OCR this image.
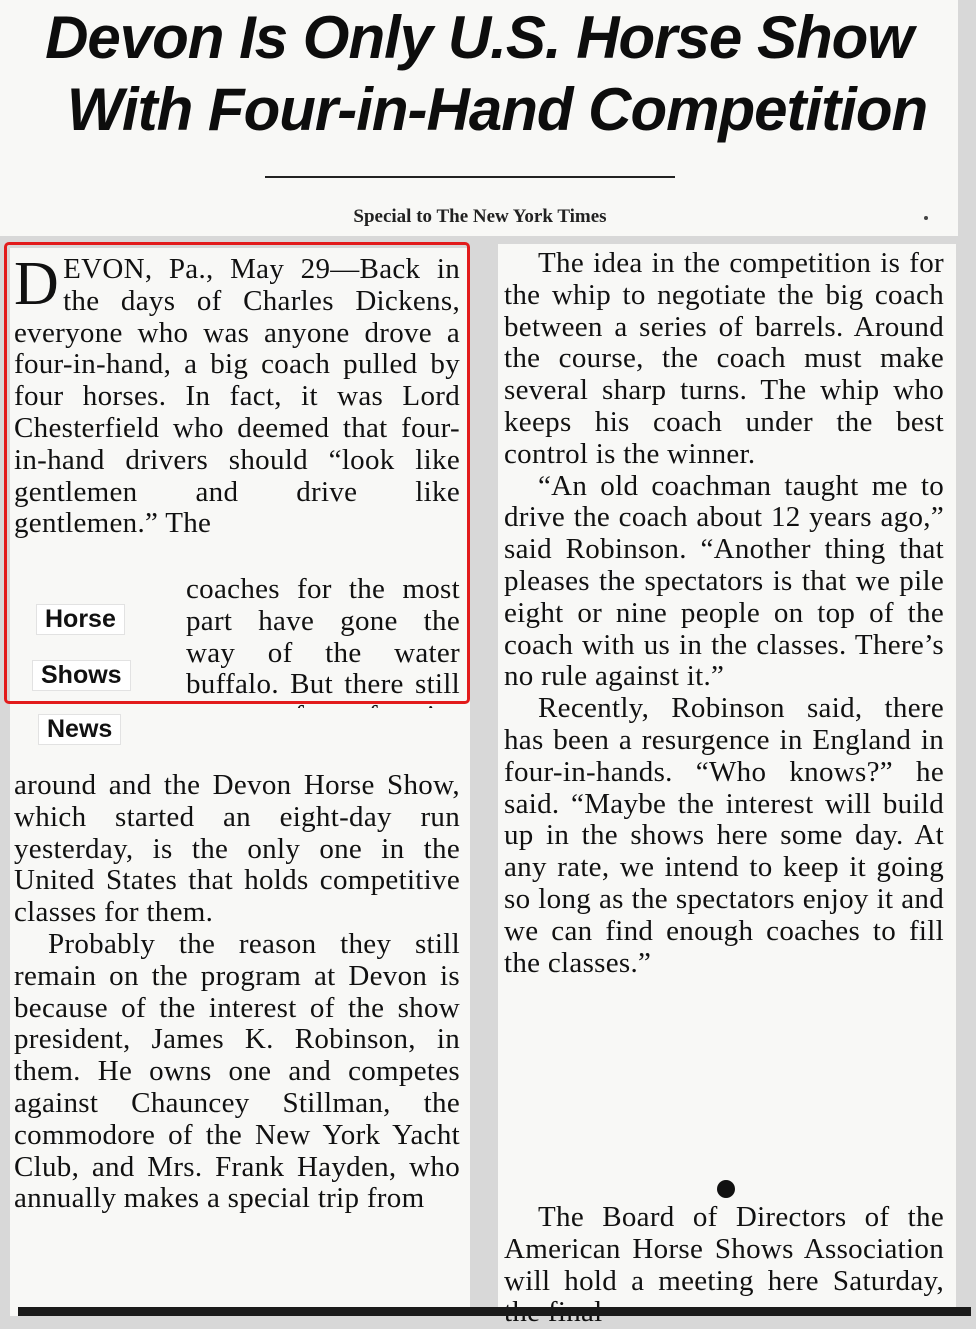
Devon Is Only U.S. Horse Show
With Four-in-Hand Competition
Special to The New York Times

DEVON, Pa., May 29—Back in the days of Charles Dickens, everyone who was anyone drove a four-in-hand, a big coach pulled by four horses. In fact, it was Lord Chesterfield who deemed that four-in-hand drivers should “look like gentlemen and drive like gentlemen.” The

coaches for the most part have gone the way of the water buffalo. But there still

Horse
Shows
News

around and the Devon Horse Show, which started an eight-day run yesterday, is the only one in the United States that holds competitive classes for them.

Probably the reason they still remain on the program at Devon is because of the interest of the show president, James K. Robinson, in them. He owns one and competes against Chauncey Stillman, the commodore of the New York Yacht Club, and Mrs. Frank Hayden, who annually makes a special trip from

The idea in the competition is for the whip to negotiate the big coach between a series of barrels. Around the course, the coach must make several sharp turns. The whip who keeps his coach under the best control is the winner.

“An old coachman taught me to drive the coach about 12 years ago,” said Robinson. “Another thing that pleases the spectators is that we pile eight or nine people on top of the coach with us in the classes. There’s no rule against it.”

Recently, Robinson said, there has been a resurgence in England in four-in-hands. “Who knows?” he said. “Maybe the interest will build up in the shows here some day. At any rate, we intend to keep it going so long as the spectators enjoy it and we can find enough coaches to fill the classes.”

The Board of Directors of the American Horse Shows Association will hold a meeting here Saturday,
